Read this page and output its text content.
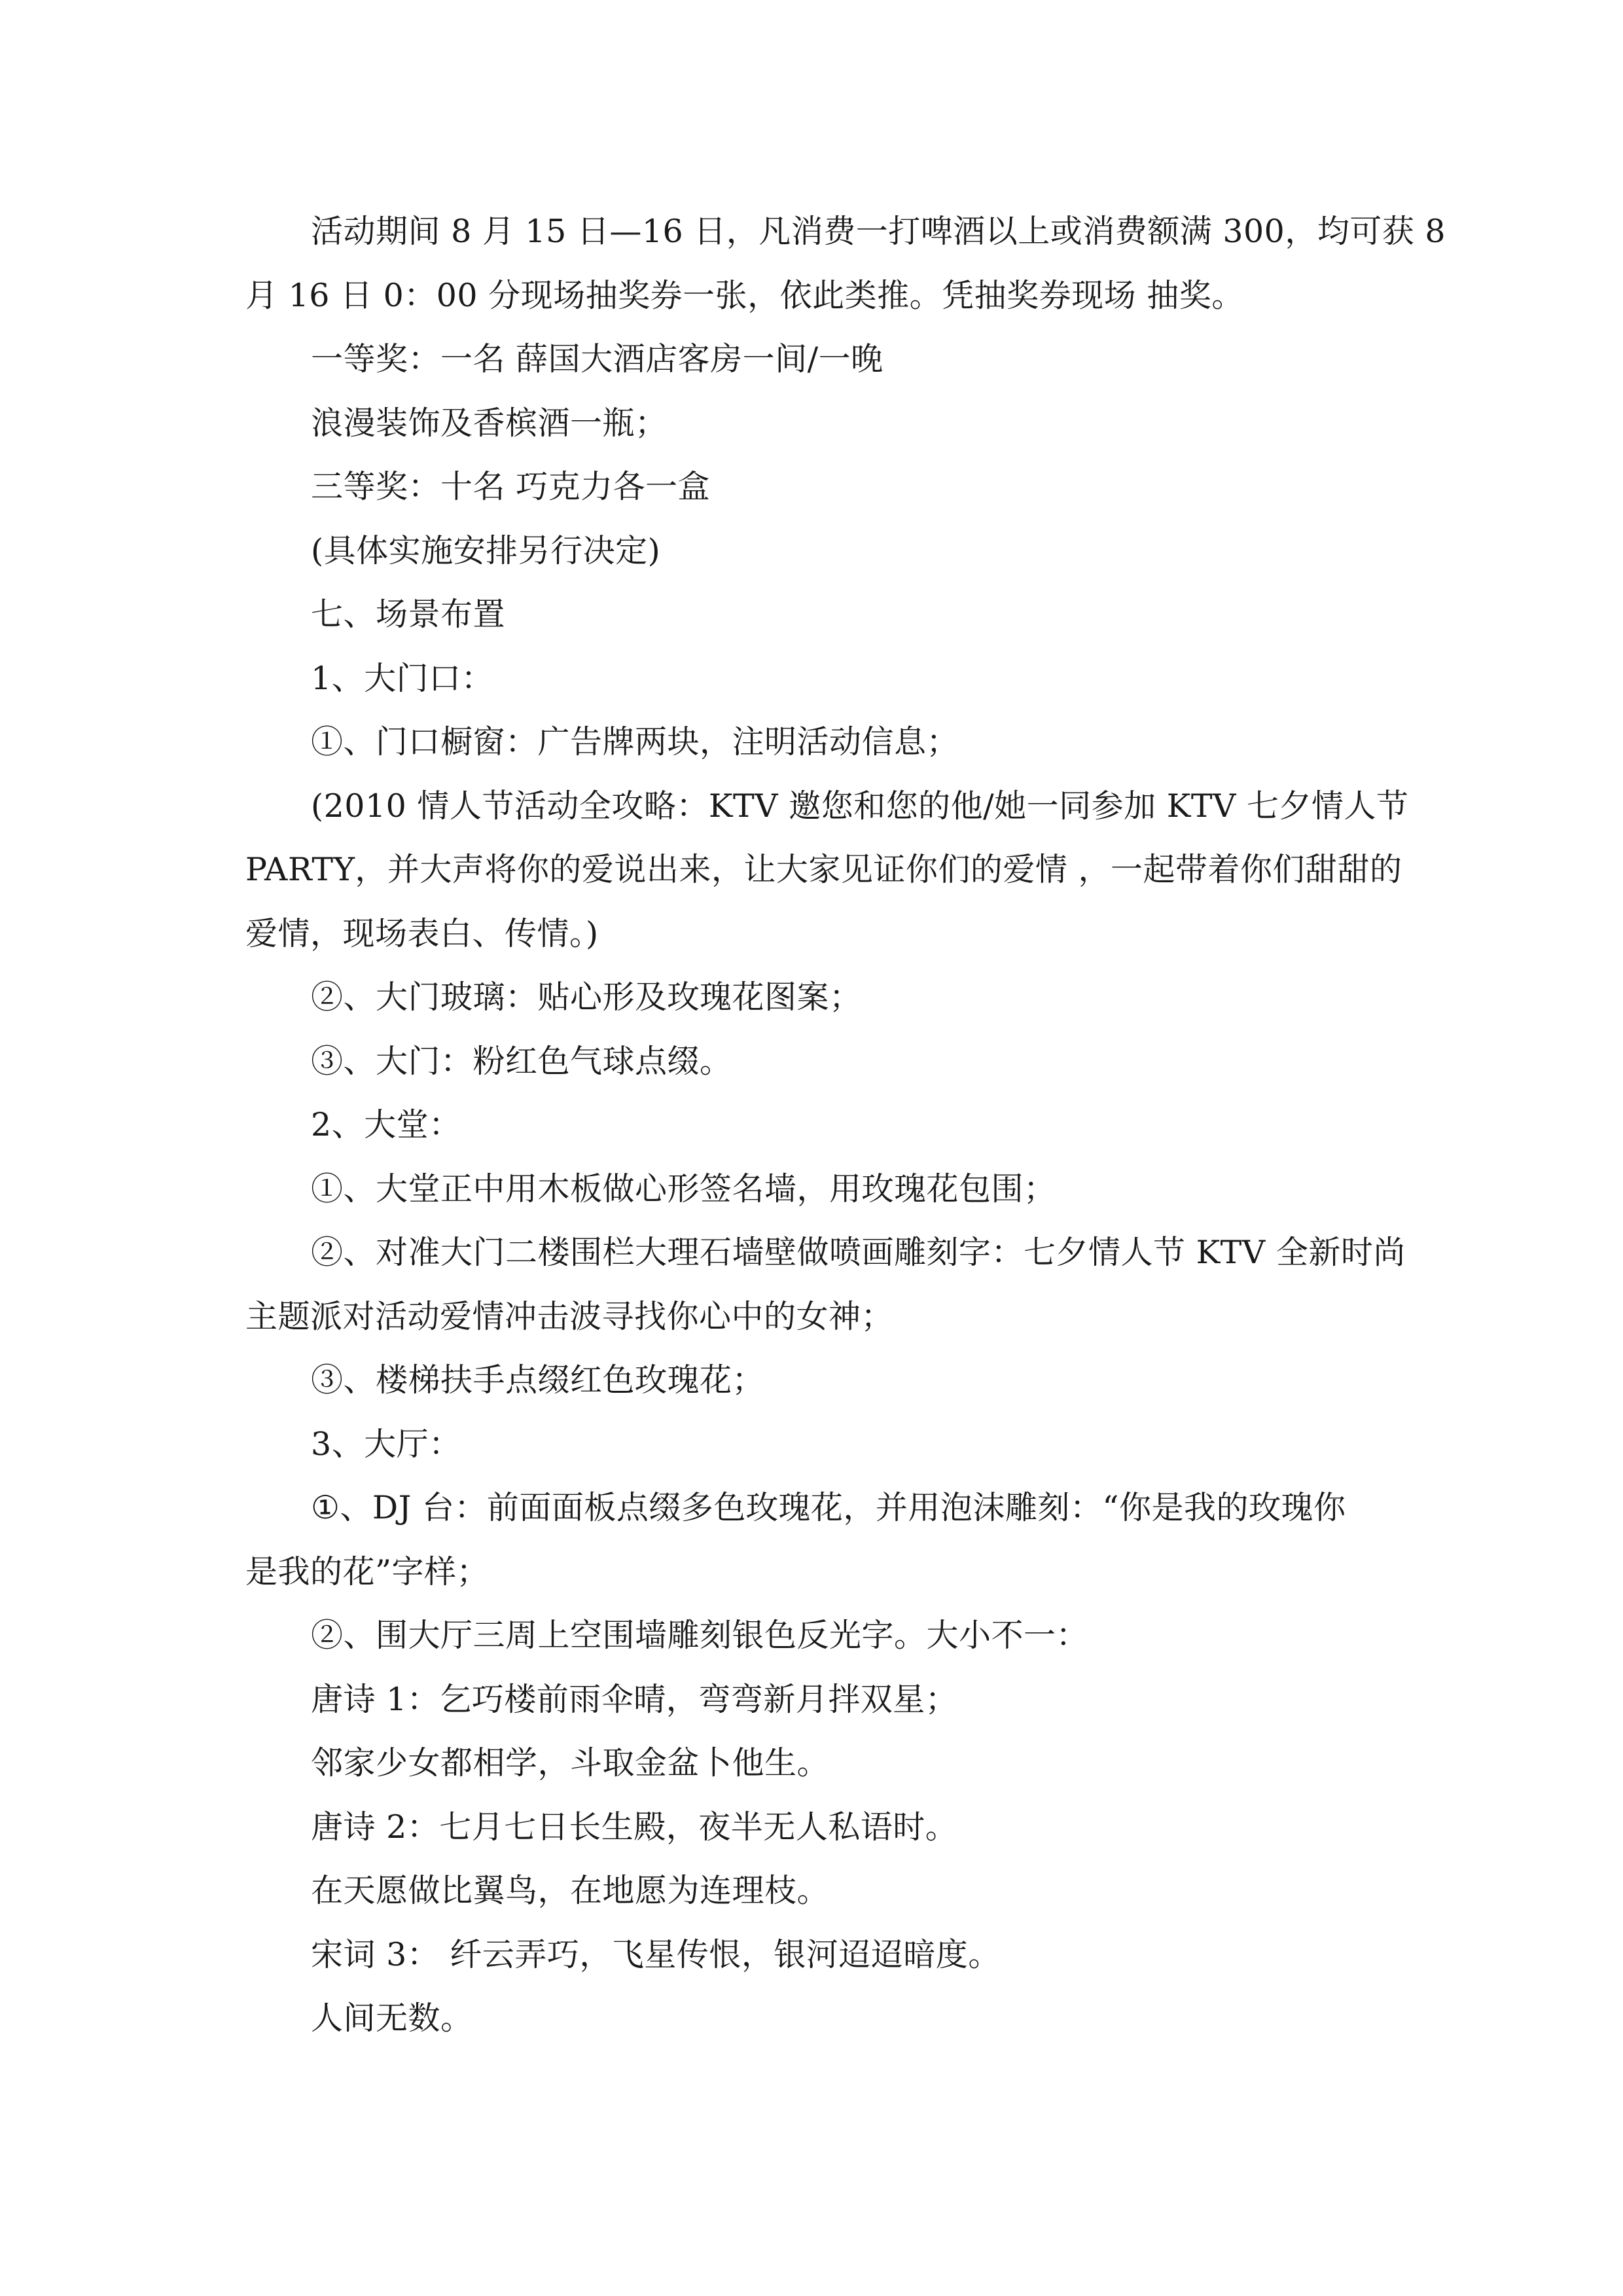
活动期间 8 月 15 日—16 日，凡消费一打啤酒以上或消费额满 300，均可获 8
月 16 日 0：00 分现场抽奖券一张，依此类推。凭抽奖券现场 抽奖。
一等奖：一名 薛国大酒店客房一间/一晚
浪漫装饰及香槟酒一瓶；
三等奖：十名 巧克力各一盒
(具体实施安排另行决定)
七、场景布置
1、大门口：
①、门口橱窗：广告牌两块，注明活动信息；
(2010 情人节活动全攻略：KTV 邀您和您的他/她一同参加 KTV 七夕情人节
PARTY，并大声将你的爱说出来，让大家见证你们的爱情 ，一起带着你们甜甜的
爱情，现场表白、传情。)
②、大门玻璃：贴心形及玫瑰花图案；
③、大门：粉红色气球点缀。
2、大堂：
①、大堂正中用木板做心形签名墙，用玫瑰花包围；
②、对准大门二楼围栏大理石墙壁做喷画雕刻字：七夕情人节 KTV 全新时尚
主题派对活动爱情冲击波寻找你心中的女神；
③、楼梯扶手点缀红色玫瑰花；
3、大厅：
①、DJ 台：前面面板点缀多色玫瑰花，并用泡沫雕刻：“你是我的玫瑰你
是我的花”字样；
②、围大厅三周上空围墙雕刻银色反光字。大小不一：
唐诗 1：乞巧楼前雨伞晴，弯弯新月拌双星；
邻家少女都相学，斗取金盆卜他生。
唐诗 2：七月七日长生殿，夜半无人私语时。
在天愿做比翼鸟，在地愿为连理枝。
宋词 3： 纤云弄巧，飞星传恨，银河迢迢暗度。
人间无数。
